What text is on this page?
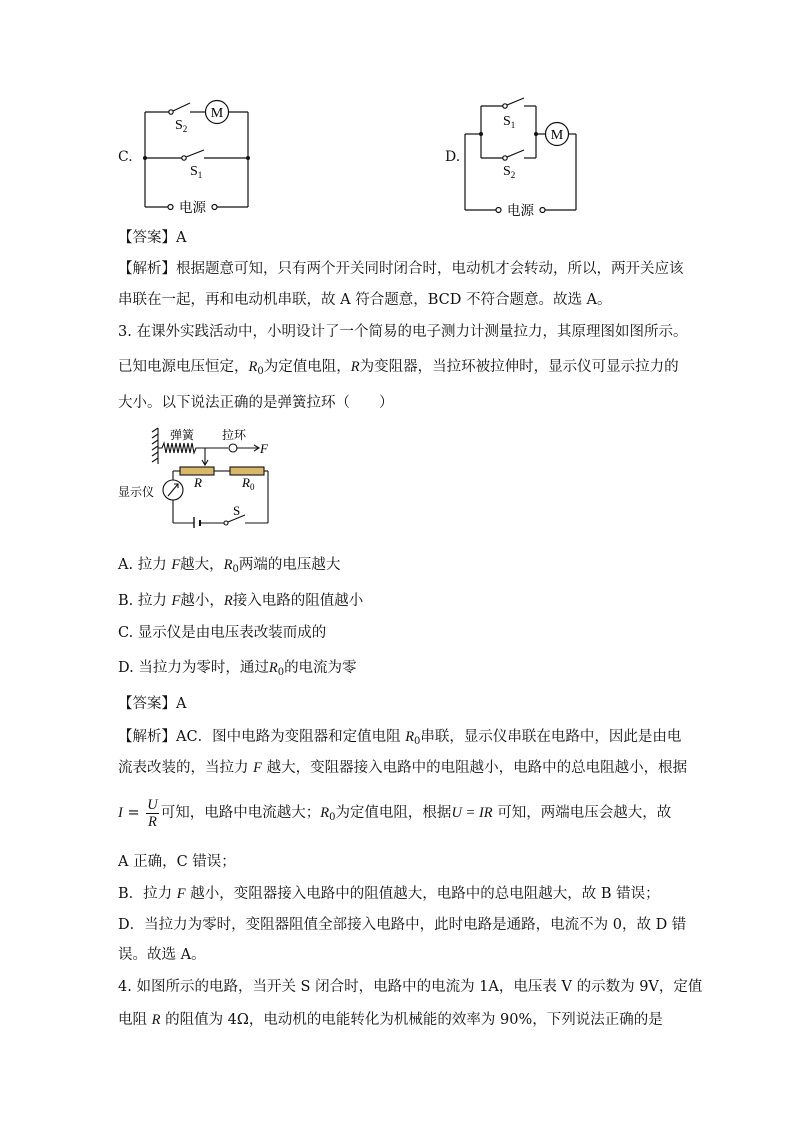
C.
M
$S_2$
$S_1$
电源
D.
M
$S_1$
$S_2$
电源
【答案】A
【解析】根据题意可知，只有两个开关同时闭合时，电动机才会转动，所以，两开关应该
串联在一起，再和电动机串联，故 A 符合题意，BCD 不符合题意。故选 A。
3. 在课外实践活动中，小明设计了一个简易的电子测力计测量拉力，其原理图如图所示。
已知电源电压恒定，$R_0$为定值电阻，R为变阻器，当拉环被拉伸时，显示仪可显示拉力的
大小。以下说法正确的是弹簧拉环（　　）
弹簧 拉环
F
R	$R_0$
显示仪
S
A. 拉力 F越大，$R_0$两端的电压越大
B. 拉力 F越小，R接入电路的阻值越小
C. 显示仪是由电压表改装而成的
D. 当拉力为零时，通过$R_0$的电流为零
【答案】A
【解析】AC．图中电路为变阻器和定值电阻 $R_0$串联，显示仪串联在电路中，因此是由电
流表改装的，当拉力 F 越大，变阻器接入电路中的电阻越小，电路中的总电阻越小，根据
$I = \frac{U}{R}$ 可知，电路中电流越大；$R_0$为定值电阻，根据U = IR 可知，两端电压会越大，故
A 正确，C 错误；
B．拉力 F 越小，变阻器接入电路中的阻值越大，电路中的总电阻越大，故 B 错误；
D．当拉力为零时，变阻器阻值全部接入电路中，此时电路是通路，电流不为 0，故 D 错
误。故选 A。
4. 如图所示的电路，当开关 S 闭合时，电路中的电流为 1A，电压表 V 的示数为 9V，定值
电阻 R 的阻值为 4Ω，电动机的电能转化为机械能的效率为 90%，下列说法正确的是
